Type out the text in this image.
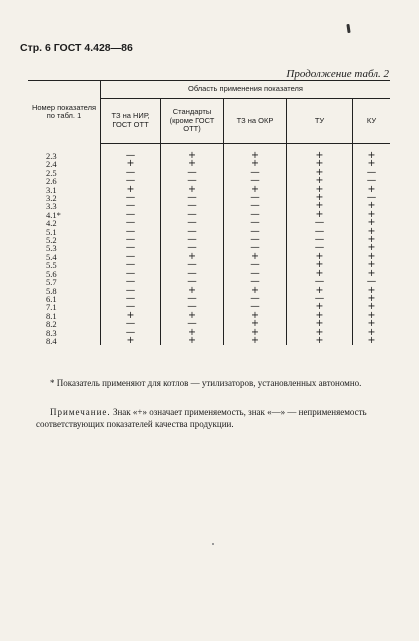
Стр. 6 ГОСТ 4.428—86
Продолжение табл. 2
Номер показателя по табл. 1	Область применения показателя				
	ТЗ на НИР, ГОСТ ОТТ	Стандарты (кроме ГОСТ ОТТ)	ТЗ на ОКР	ТУ	КУ
2.3	—	+	+	+	+
2.4	+	+	+	+	+
2.5	—	—	—	+	—
2.6	—	—	—	+	—
3.1	+	+	+	+	+
3.2	—	—	—	+	—
3.3	—	—	—	+	+
4.1*	—	—	—	+	+
4.2	—	—	—	—	+
5.1	—	—	—	—	+
5.2	—	—	—	—	+
5.3	—	—	—	—	+
5.4	—	+	+	+	+
5.5	—	—	—	+	+
5.6	—	—	—	+	+
5.7	—	—	—	—	—
5.8	—	+	+	+	+
6.1	—	—	—	—	+
7.1	—	—	—	+	+
8.1	+	+	+	+	+
8.2	—	—	+	+	+
8.3	—	+	+	+	+
8.4	+	+	+	+	+
* Показатель применяют для котлов — утилизаторов, установленных автономно.
Примечание. Знак «+» означает применяемость, знак «—» — неприменяемость соответствующих показателей качества продукции.
